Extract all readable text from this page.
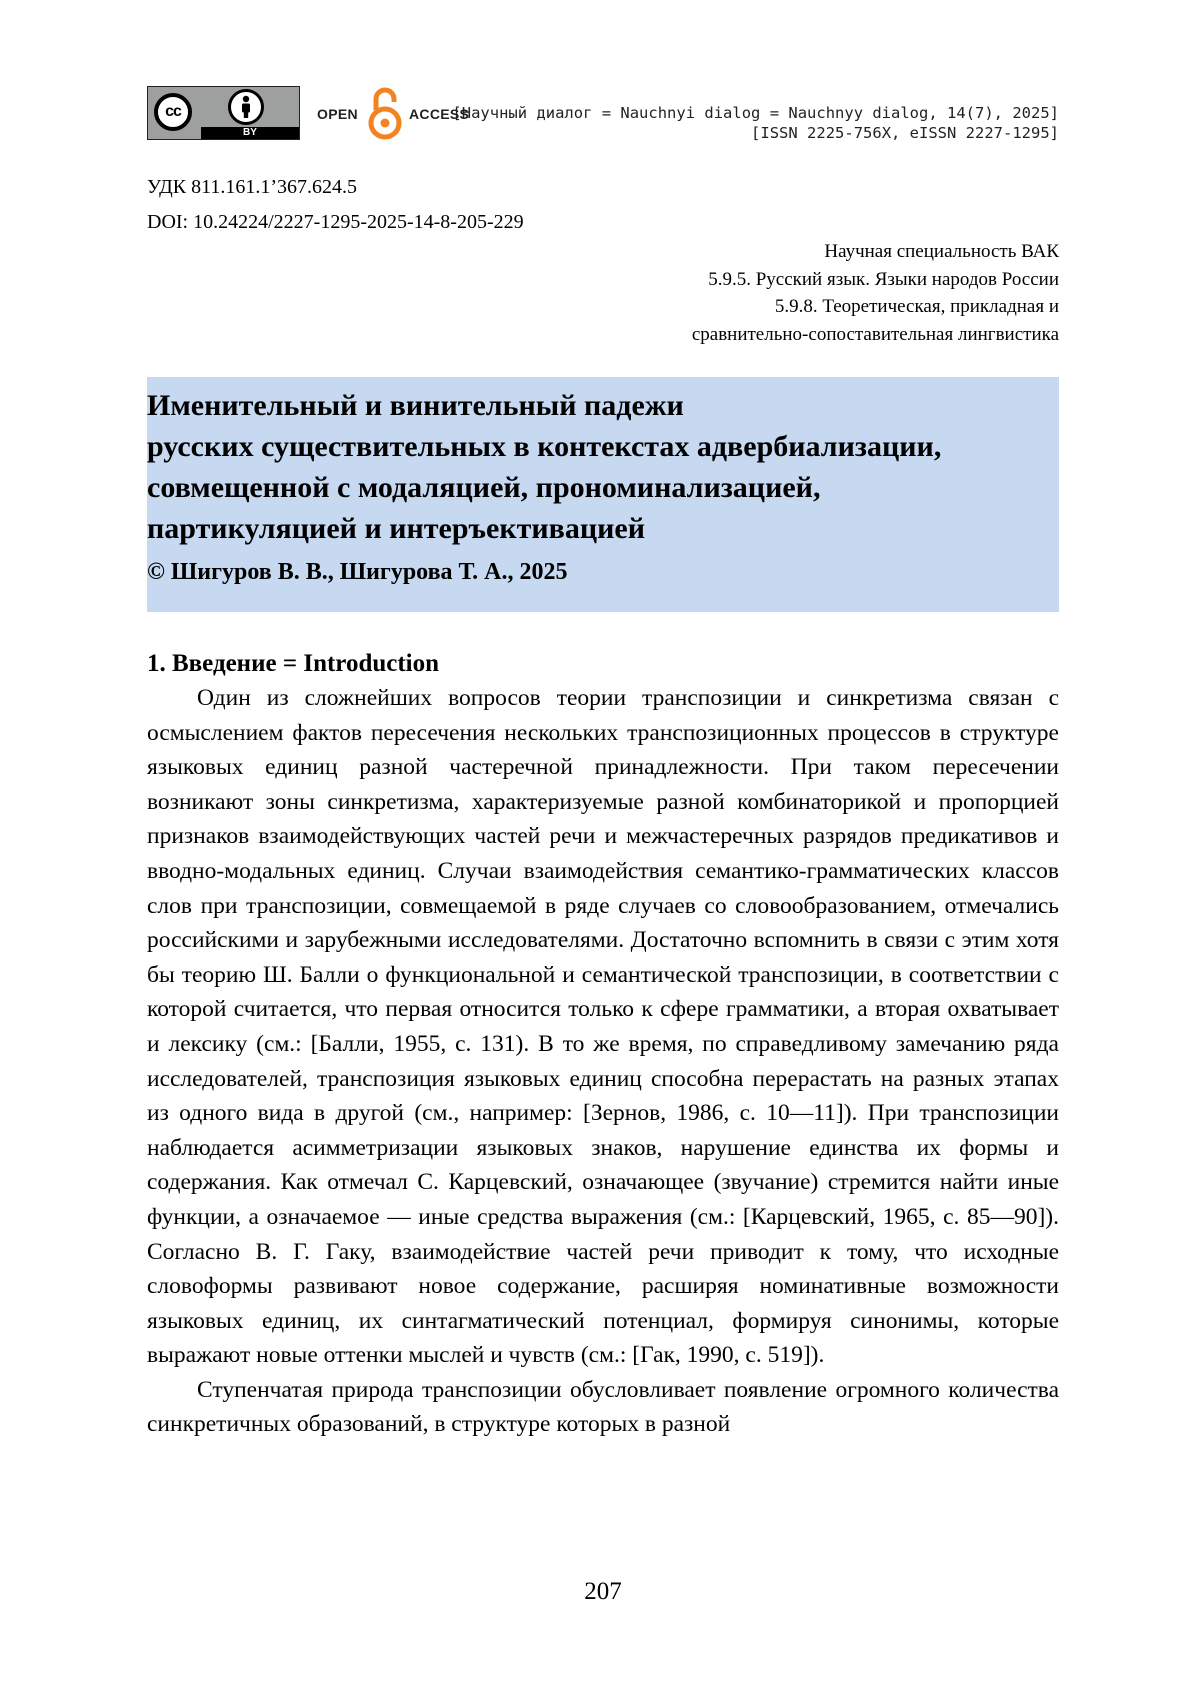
cc
BY
OPEN	ACCESS
[Научный диалог = Nauchnyi dialog = Nauchnyy dialog, 14(7), 2025]
[ISSN 2225-756X, eISSN 2227-1295]
УДК 811.161.1’367.624.5
DOI: 10.24224/2227-1295-2025-14-8-205-229
Научная специальность ВАК
5.9.5. Русский язык. Языки народов России
5.9.8. Теоретическая, прикладная и
сравнительно-сопоставительная лингвистика
Именительный и винительный падежи
русских существительных в контекстах адвербиализации,
совмещенной с модаляцией, прономинализацией,
партикуляцией и интеръективацией
© Шигуров В. В., Шигурова Т. А., 2025
1. Введение = Introduction

Один из сложнейших вопросов теории транспозиции и синкретизма связан с осмыслением фактов пересечения нескольких транспозиционных процессов в структуре языковых единиц разной частеречной принадлежности. При таком пересечении возникают зоны синкретизма, характеризуемые разной комбинаторикой и пропорцией признаков взаимодействующих частей речи и межчастеречных разрядов предикативов и вводно-модальных единиц. Случаи взаимодействия семантико-грамматических классов слов при транспозиции, совмещаемой в ряде случаев со словообразованием, отмечались российскими и зарубежными исследователями. Достаточно вспомнить в связи с этим хотя бы теорию Ш. Балли о функциональной и семантической транспозиции, в соответствии с которой считается, что первая относится только к сфере грамматики, а вторая охватывает и лексику (см.: [Балли, 1955, с. 131). В то же время, по справедливому замечанию ряда исследователей, транспозиция языковых единиц способна перерастать на разных этапах из одного вида в другой (см., например: [Зернов, 1986, с. 10—11]). При транспозиции наблюдается асимметризации языковых знаков, нарушение единства их формы и содержания. Как отмечал С. Карцевский, означающее (звучание) стремится найти иные функции, а означаемое — иные средства выражения (см.: [Карцевский, 1965, с. 85—90]). Согласно В. Г. Гаку, взаимодействие частей речи приводит к тому, что исходные словоформы развивают новое содержание, расширяя номинативные возможности языковых единиц, их синтагматический потенциал, формируя синонимы, которые выражают новые оттенки мыслей и чувств (см.: [Гак, 1990, с. 519]).

Ступенчатая природа транспозиции обусловливает появление огромного количества синкретичных образований, в структуре которых в разной

207
